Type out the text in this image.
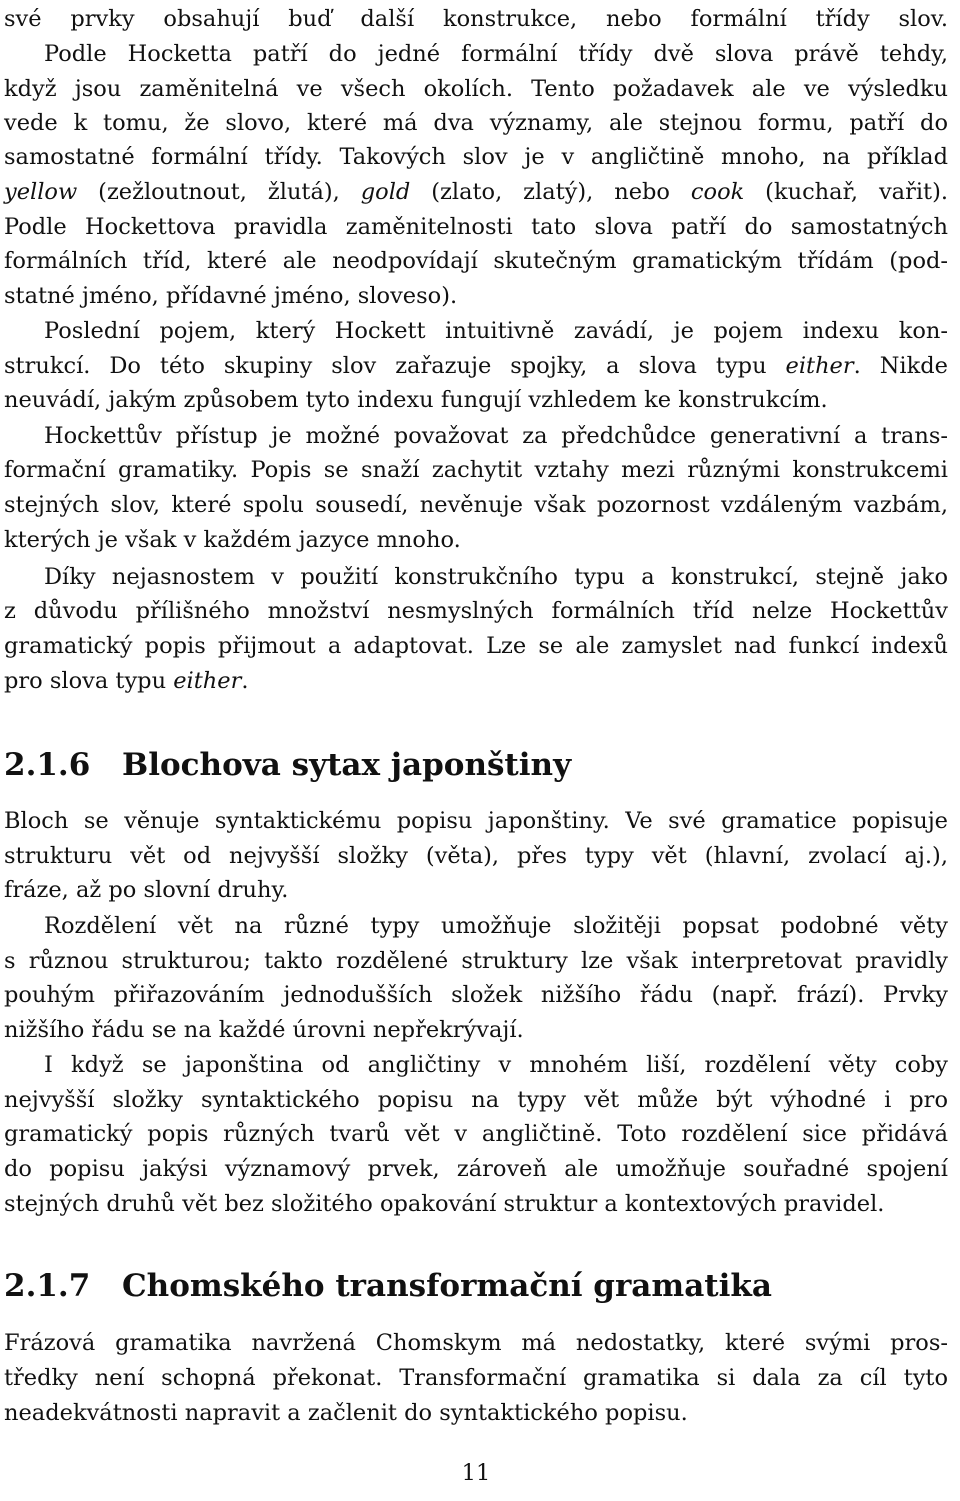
své prvky obsahují buď další konstrukce, nebo formální třídy slov.
Podle Hocketta patří do jedné formální třídy dvě slova právě tehdy,
když jsou zaměnitelná ve všech okolích. Tento požadavek ale ve výsledku
vede k tomu, že slovo, které má dva významy, ale stejnou formu, patří do
samostatné formální třídy. Takových slov je v angličtině mnoho, na příklad
yellow (zežloutnout, žlutá), gold (zlato, zlatý), nebo cook (kuchař, vařit).
Podle Hockettova pravidla zaměnitelnosti tato slova patří do samostatných
formálních tříd, které ale neodpovídají skutečným gramatickým třídám (pod-
statné jméno, přídavné jméno, sloveso).
Poslední pojem, který Hockett intuitivně zavádí, je pojem indexu kon-
strukcí. Do této skupiny slov zařazuje spojky, a slova typu either. Nikde
neuvádí, jakým způsobem tyto indexu fungují vzhledem ke konstrukcím.
Hockettův přístup je možné považovat za předchůdce generativní a trans-
formační gramatiky. Popis se snaží zachytit vztahy mezi různými konstrukcemi
stejných slov, které spolu sousedí, nevěnuje však pozornost vzdáleným vazbám,
kterých je však v každém jazyce mnoho.
Díky nejasnostem v použití konstrukčního typu a konstrukcí, stejně jako
z důvodu přílišného množství nesmyslných formálních tříd nelze Hockettův
gramatický popis přijmout a adaptovat. Lze se ale zamyslet nad funkcí indexů
pro slova typu either.
2.1.6 Blochova sytax japonštiny
Bloch se věnuje syntaktickému popisu japonštiny. Ve své gramatice popisuje
strukturu vět od nejvyšší složky (věta), přes typy vět (hlavní, zvolací aj.),
fráze, až po slovní druhy.
Rozdělení vět na různé typy umožňuje složitěji popsat podobné věty
s různou strukturou; takto rozdělené struktury lze však interpretovat pravidly
pouhým přiřazováním jednodušších složek nižšího řádu (např. frází). Prvky
nižšího řádu se na každé úrovni nepřekrývají.
I když se japonština od angličtiny v mnohém liší, rozdělení věty coby
nejvyšší složky syntaktického popisu na typy vět může být výhodné i pro
gramatický popis různých tvarů vět v angličtině. Toto rozdělení sice přidává
do popisu jakýsi významový prvek, zároveň ale umožňuje souřadné spojení
stejných druhů vět bez složitého opakování struktur a kontextových pravidel.
2.1.7 Chomského transformační gramatika
Frázová gramatika navržená Chomskym má nedostatky, které svými pros-
tředky není schopná překonat. Transformační gramatika si dala za cíl tyto
neadekvátnosti napravit a začlenit do syntaktického popisu.
11
